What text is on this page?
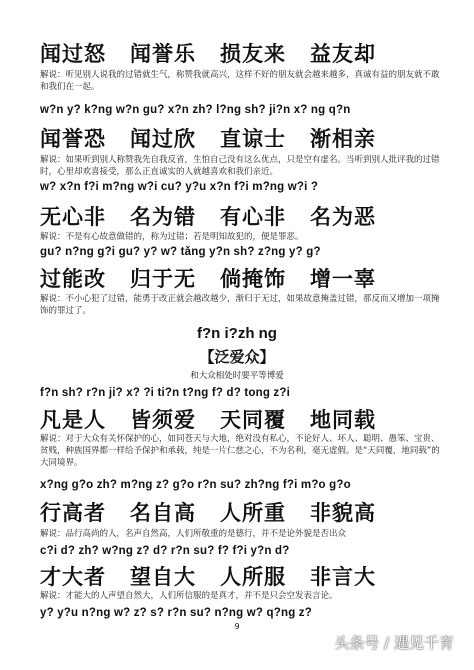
闻过怒 闻誉乐 损友来 益友却
解说：听见别人说我的过错就生气，称赞我就高兴，这样不好的朋友就会越来越多，真诚有益的朋友就不敢和我们在一起。
w?n y? k?ng w?n gu? x?n zh? l?ng sh? ji?n x? ng q?n
闻誉恐 闻过欣 直谅士 渐相亲
解说：如果听到别人称赞我先自我反省，生怕自己没有这么优点，只是空有虚名。当听到别人批评我的过错时，心里却欢喜接受，那么正直诚实的人就越喜欢和我们亲近。
w? x?n f?i m?ng w?i cu? y?u x?n f?i m?ng w?i ?
无心非 名为错 有心非 名为恶
解说：不是有心故意做错的，称为过错；若是明知故犯的，便是罪恶。
gu? n?ng g?i gu? y? w? tǎng y?n sh? z?ng y? g?
过能改 归于无 倘掩饰 增一辜
解说：不小心犯了过错，能勇于改正就会越改越少，渐归于无过，如果故意掩盖过错，那反而又增加一项掩饰的罪过了。
f?n i?zh ng
【泛爱众】
和大众相处时要平等博爱
f?n sh? r?n ji? x? ?i ti?n t?ng f? d? tong z?i
凡是人 皆须爱 天同覆 地同载
解说：对于大众有关怀保护的心，如同苍天与大地，绝对没有私心，不论好人、坏人、聪明、愚笨、宝贵、贫贱，种族国界都一样给予保护和承载，纯是一片仁慈之心，不为名利，毫无虚假。是“天同覆，地同载”的大同境界。
x?ng g?o zh? m?ng z? g?o r?n su? zh?ng f?i m?o g?o
行高者 名自高 人所重 非貌高
解说：品行高尚的人，名声自然高，人们所敬重的是德行，并不是论外貌是否出众
c?i d? zh? w?ng z? d? r?n su? f? f?i y?n d?
才大者 望自大 人所服 非言大
解说：才能大的人声望自然大，人们所信服的是真才，并不是只会空发表言论。
y? y?u n?ng w? z? s? r?n su? n?ng w? q?ng z?
9
头条号 / 遇见千育
